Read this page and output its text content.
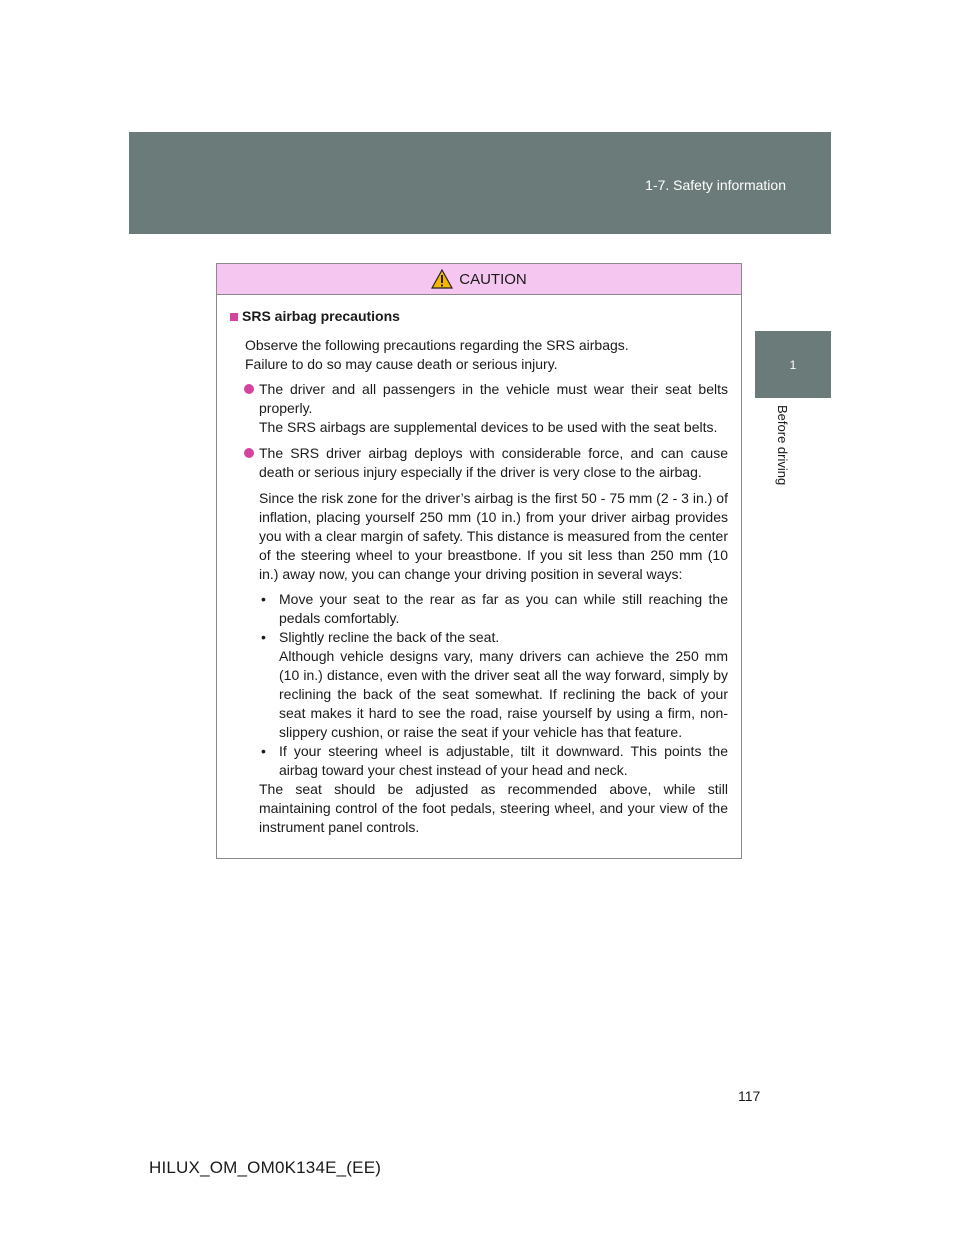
1-7. Safety information
1
Before driving
CAUTION
SRS airbag precautions
Observe the following precautions regarding the SRS airbags.
Failure to do so may cause death or serious injury.
The driver and all passengers in the vehicle must wear their seat belts properly.
The SRS airbags are supplemental devices to be used with the seat belts.
The SRS driver airbag deploys with considerable force, and can cause death or serious injury especially if the driver is very close to the airbag.
Since the risk zone for the driver’s airbag is the first 50 - 75 mm (2 - 3 in.) of inflation, placing yourself 250 mm (10 in.) from your driver airbag provides you with a clear margin of safety. This distance is measured from the center of the steering wheel to your breastbone. If you sit less than 250 mm (10 in.) away now, you can change your driving position in several ways:
• Move your seat to the rear as far as you can while still reaching the pedals comfortably.
• Slightly recline the back of the seat.
Although vehicle designs vary, many drivers can achieve the 250 mm (10 in.) distance, even with the driver seat all the way forward, simply by reclining the back of the seat somewhat. If reclining the back of your seat makes it hard to see the road, raise yourself by using a firm, non-slippery cushion, or raise the seat if your vehicle has that feature.
• If your steering wheel is adjustable, tilt it downward. This points the airbag toward your chest instead of your head and neck.
The seat should be adjusted as recommended above, while still maintaining control of the foot pedals, steering wheel, and your view of the instrument panel controls.
117
HILUX_OM_OM0K134E_(EE)
